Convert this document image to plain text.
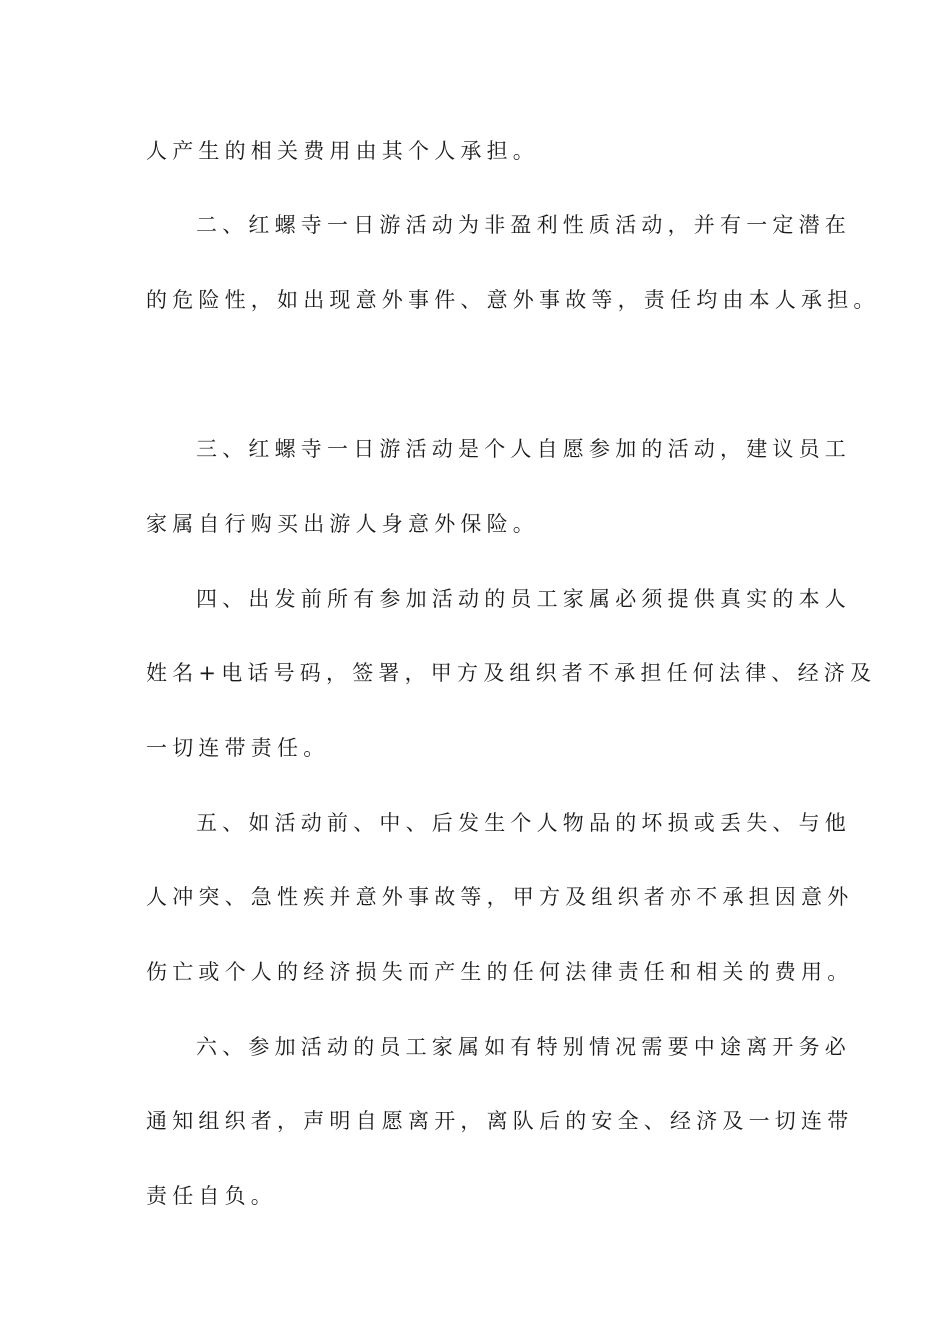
人产生的相关费用由其个人承担。
二、红螺寺一日游活动为非盈利性质活动，并有一定潜在
的危险性，如出现意外事件、意外事故等，责任均由本人承担。
三、红螺寺一日游活动是个人自愿参加的活动，建议员工
家属自行购买出游人身意外保险。
四、出发前所有参加活动的员工家属必须提供真实的本人
姓名+电话号码，签署，甲方及组织者不承担任何法律、经济及
一切连带责任。
五、如活动前、中、后发生个人物品的坏损或丢失、与他
人冲突、急性疾并意外事故等，甲方及组织者亦不承担因意外
伤亡或个人的经济损失而产生的任何法律责任和相关的费用。
六、参加活动的员工家属如有特别情况需要中途离开务必
通知组织者，声明自愿离开，离队后的安全、经济及一切连带
责任自负。
